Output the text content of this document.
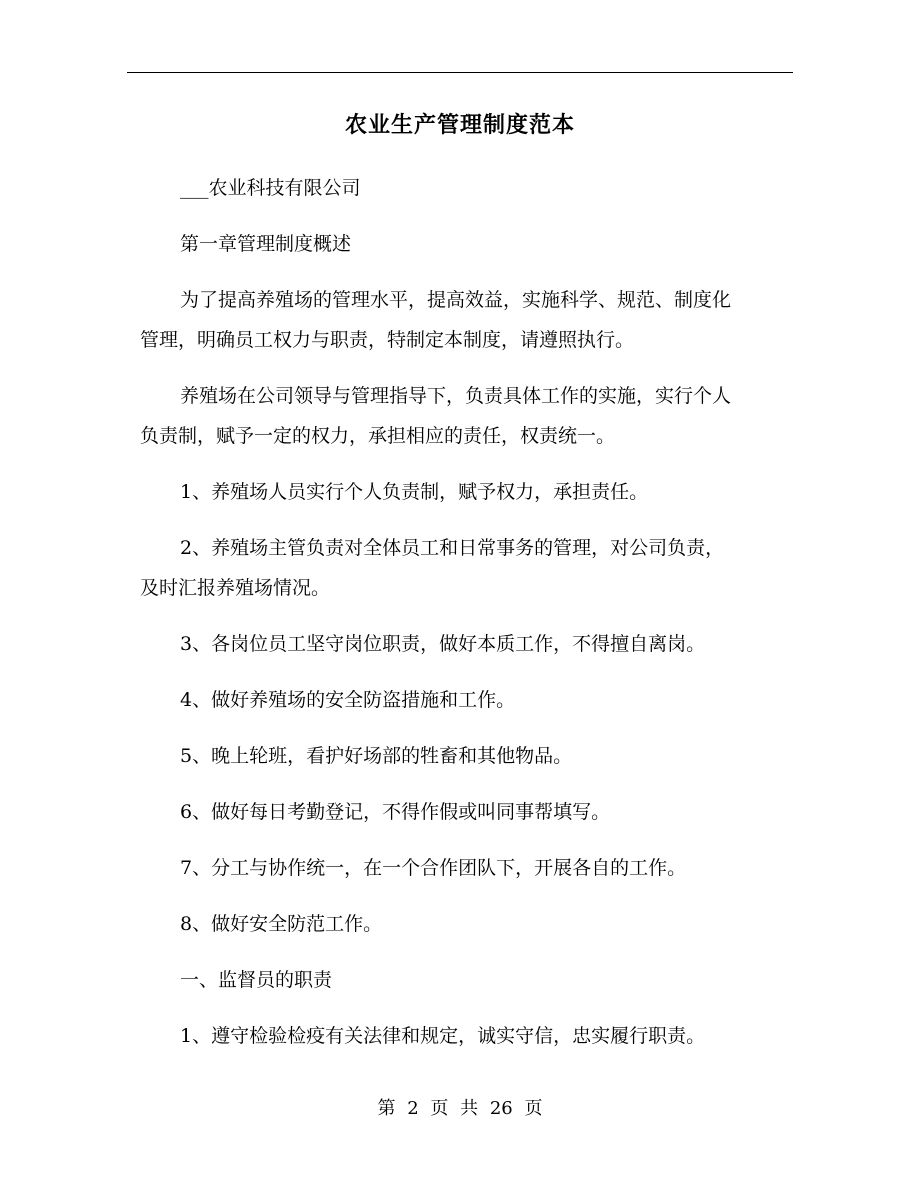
农业生产管理制度范本

___农业科技有限公司

第一章管理制度概述

为了提高养殖场的管理水平，提高效益，实施科学、规范、制度化

管理，明确员工权力与职责，特制定本制度，请遵照执行。

养殖场在公司领导与管理指导下，负责具体工作的实施，实行个人

负责制，赋予一定的权力，承担相应的责任，权责统一。

1、养殖场人员实行个人负责制，赋予权力，承担责任。

2、养殖场主管负责对全体员工和日常事务的管理，对公司负责，

及时汇报养殖场情况。

3、各岗位员工坚守岗位职责，做好本质工作，不得擅自离岗。

4、做好养殖场的安全防盗措施和工作。

5、晚上轮班，看护好场部的牲畜和其他物品。

6、做好每日考勤登记，不得作假或叫同事帮填写。

7、分工与协作统一，在一个合作团队下，开展各自的工作。

8、做好安全防范工作。

一、监督员的职责

1、遵守检验检疫有关法律和规定，诚实守信，忠实履行职责。

第 2 页 共 26 页
